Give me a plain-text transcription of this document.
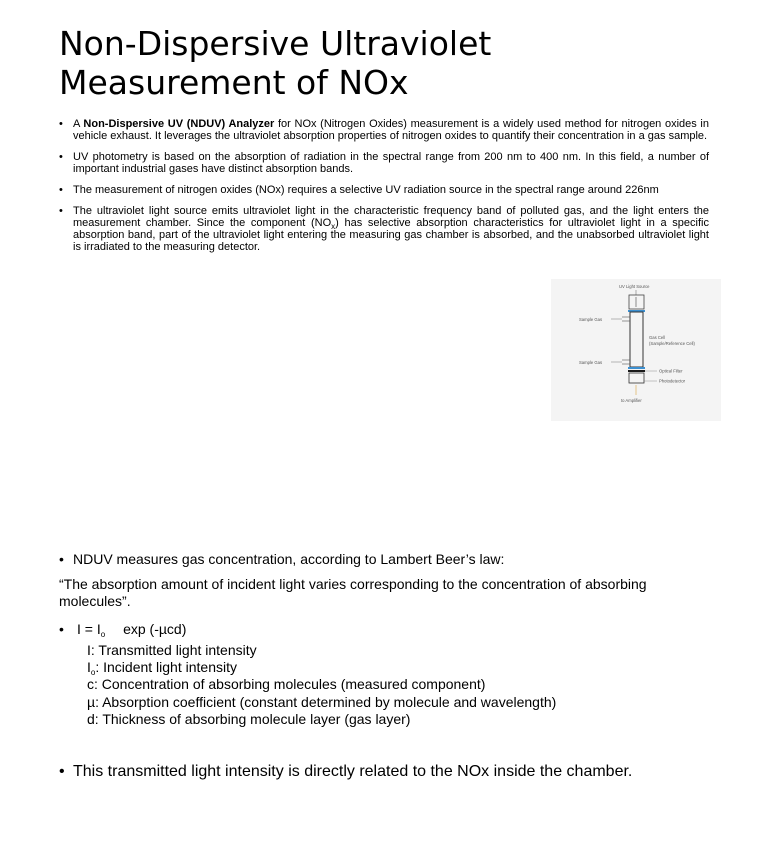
Non-Dispersive Ultraviolet Measurement of NOx
• A Non-Dispersive UV (NDUV) Analyzer for NOx (Nitrogen Oxides) measurement is a widely used method for nitrogen oxides in vehicle exhaust. It leverages the ultraviolet absorption properties of nitrogen oxides to quantify their concentration in a gas sample.
• UV photometry is based on the absorption of radiation in the spectral range from 200 nm to 400 nm. In this field, a number of important industrial gases have distinct absorption bands.
• The measurement of nitrogen oxides (NOx) requires a selective UV radiation source in the spectral range around 226nm
• The ultraviolet light source emits ultraviolet light in the characteristic frequency band of polluted gas, and the light enters the measurement chamber. Since the component $(NO_x)$ has selective absorption characteristics for ultraviolet light in a specific absorption band, part of the ultraviolet light entering the measuring gas chamber is absorbed, and the unabsorbed ultraviolet light is irradiated to the measuring detector.
UV Light Source
Sample Gas
Gas Cell
(Sample/Reference Cell)
Sample Gas
Optical Filter
Photodetector
to Amplifier
• NDUV measures gas concentration, according to Lambert Beer’s law:
“The absorption amount of incident light varies corresponding to the concentration of absorbing molecules”.
• $I = I_o$ exp (-µcd)
I: Transmitted light intensity
$I_o$: Incident light intensity
c: Concentration of absorbing molecules (measured component)
µ: Absorption coefficient (constant determined by molecule and wavelength)
d: Thickness of absorbing molecule layer (gas layer)
• This transmitted light intensity is directly related to the NOx inside the chamber.
